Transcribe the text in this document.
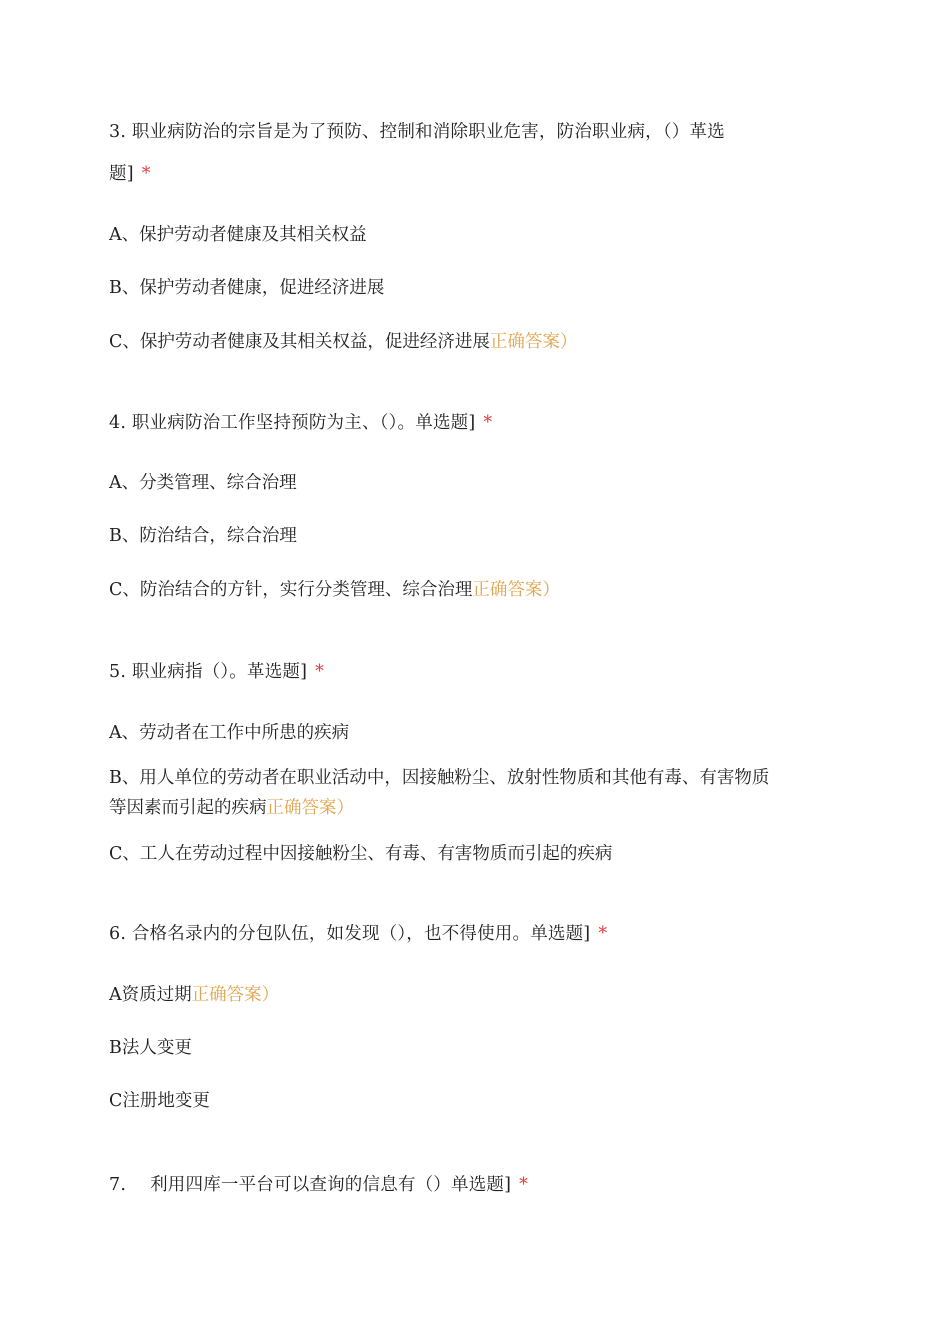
3. 职业病防治的宗旨是为了预防、控制和消除职业危害，防治职业病，（）革选
题] *
A、保护劳动者健康及其相关权益
B、保护劳动者健康，促进经济进展
C、保护劳动者健康及其相关权益，促进经济进展正确答案）
4. 职业病防治工作坚持预防为主、（）。单选题] *
A、分类管理、综合治理
B、防治结合，综合治理
C、防治结合的方针，实行分类管理、综合治理正确答案）
5. 职业病指（）。革选题] *
A、劳动者在工作中所患的疾病
B、用人单位的劳动者在职业活动中，因接触粉尘、放射性物质和其他有毒、有害物质
等因素而引起的疾病正确答案）
C、工人在劳动过程中因接触粉尘、有毒、有害物质而引起的疾病
6. 合格名录内的分包队伍，如发现（），也不得使用。单选题] *
A资质过期正确答案）
B法人变更
C注册地变更
7. 利用四库一平台可以查询的信息有（）单选题] *
